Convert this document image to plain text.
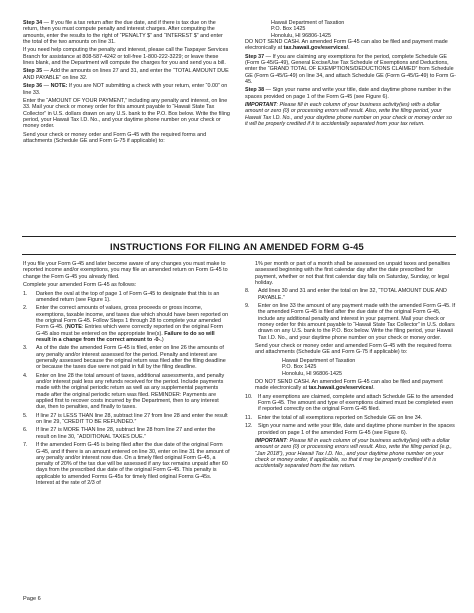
Step 34 — If you file a tax return after the due date, and if there is tax due on the return, then you must compute penalty and interest charges. After computing the amounts, enter the results to the right of “PENALTY $” and “INTEREST $” and enter the total of the two amounts on line 31.

If you need help computing the penalty and interest, please call the Taxpayer Services Branch for assistance at 808-587-4242 or toll-free 1-800-222-3229; or leave these lines blank, and the Department will compute the charges for you and send you a bill.

Step 35 — Add the amounts on lines 27 and 31, and enter the “TOTAL AMOUNT DUE AND PAYABLE” on line 32.

Step 36 — NOTE: If you are NOT submitting a check with your return, enter “0.00” on line 33.

Enter the “AMOUNT OF YOUR PAYMENT,” including any penalty and interest, on line 33. Mail your check or money order for this amount payable to “Hawaii State Tax Collector” in U.S. dollars drawn on any U.S. bank to the P.O. Box below. Write the filing period, your Hawaii Tax I.D. No., and your daytime phone number on your check or money order.

Send your check or money order and Form G-45 with the required forms and attachments (Schedule GE and Form G-75 if applicable) to:

Hawaii Department of Taxation
P.O. Box 1425
Honolulu, HI 96806-1425

DO NOT SEND CASH. An amended Form G-45 can also be filed and payment made electronically at tax.hawaii.gov/eservices/.

Step 37 — If you are claiming any exemptions for the period, complete Schedule GE (Form G-45/G-49), General Excise/Use Tax Schedule of Exemptions and Deductions, enter the “GRAND TOTAL OF EXEMPTIONS/DEDUCTIONS CLAIMED” from Schedule GE (Form G-45/G-49) on line 34, and attach Schedule GE (Form G-45/G-49) to Form G-45.

Step 38 — Sign your name and write your title, date and daytime phone number in the spaces provided on page 1 of the Form G-45 (see Figure 6).

IMPORTANT: Please fill in each column of your business activity(ies) with a dollar amount or zero (0) or processing errors will result. Also, write the filing period, your Hawaii Tax I.D. No., and your daytime phone number on your check or money order so it will be properly credited if it is accidentally separated from your tax return.

INSTRUCTIONS FOR FILING AN AMENDED FORM G-45

If you file your Form G-45 and later become aware of any changes you must make to reported income and/or exemptions, you may file an amended return on Form G-45 to change the Form G-45 you already filed.

Complete your amended Form G-45 as follows:

1. Darken the oval at the top of page 1 of Form G-45 to designate that this is an amended return (see Figure 1).
2. Enter the correct amounts of values, gross proceeds or gross income, exemptions, taxable income, and taxes due which should have been reported on the original Form G-45. Follow Steps 1 through 28 to complete your amended Form G-45. (NOTE: Entries which were correctly reported on the original Form G-45 also must be entered on the appropriate line(s). Failure to do so will result in a change from the correct amount to -0-.)
3. As of the date the amended Form G-45 is filed, enter on line 26 the amounts of any penalty and/or interest assessed for the period. Penalty and interest are generally assessed because the original return was filed after the filing deadline or because the taxes due were not paid in full by the filing deadline.
4. Enter on line 28 the total amount of taxes, additional assessments, and penalty and/or interest paid less any refunds received for the period. Include payments made with the original periodic return as well as any supplemental payments made after the original periodic return was filed. REMINDER: Payments are applied first to recover costs incurred by the Department, then to any interest due, then to penalties, and finally to taxes.
5. If line 27 is LESS THAN line 28, subtract line 27 from line 28 and enter the result on line 29, “CREDIT TO BE REFUNDED.”
6. If line 27 is MORE THAN line 28, subtract line 28 from line 27 and enter the result on line 30, “ADDITIONAL TAXES DUE.”
7. If the amended Form G-45 is being filed after the due date of the original Form G-45, and if there is an amount entered on line 30, enter on line 31 the amount of any penalty and/or interest now due. On a timely filed original Form G-45, a penalty of 20% of the tax due will be assessed if any tax remains unpaid after 60 days from the prescribed due date of the original Form G-45. This penalty is applicable to amended Forms G-45s for timely filed original Forms G-45s. Interest at the rate of 2/3 of

1% per month or part of a month shall be assessed on unpaid taxes and penalties assessed beginning with the first calendar day after the date prescribed for payment, whether or not that first calendar day falls on Saturday, Sunday, or legal holiday.

8. Add lines 30 and 31 and enter the total on line 32, “TOTAL AMOUNT DUE AND PAYABLE.”
9. Enter on line 33 the amount of any payment made with the amended Form G-45. If the amended Form G-45 is filed after the due date of the original Form G-45, include any additional penalty and interest in your payment. Mail your check or money order for this amount payable to “Hawaii State Tax Collector” in U.S. dollars drawn on any U.S. bank to the P.O. Box below. Write the filing period, your Hawaii Tax I.D. No., and your daytime phone number on your check or money order.

Send your check or money order and amended Form G-45 with the required forms and attachments (Schedule GE and Form G-75 if applicable) to:

Hawaii Department of Taxation
P.O. Box 1425
Honolulu, HI 96806-1425

DO NOT SEND CASH. An amended Form G-45 can also be filed and payment made electronically at tax.hawaii.gov/eservices/.

10. If any exemptions are claimed, complete and attach Schedule GE to the amended Form G-45. The amount and type of exemptions claimed must be completed even if reported correctly on the original Form G-45 filed.
11. Enter the total of all exemptions reported on Schedule GE on line 34.
12. Sign your name and write your title, date and daytime phone number in the spaces provided on page 1 of the amended Form G-45 (see Figure 6).

IMPORTANT: Please fill in each column of your business activity(ies) with a dollar amount or zero (0) or processing errors will result. Also, write the filing period (e.g., “Jan 2018”), your Hawaii Tax I.D. No., and your daytime phone number on your check or money order, if applicable, so that it may be properly credited if it is accidentally separated from the tax return.

Page 6
